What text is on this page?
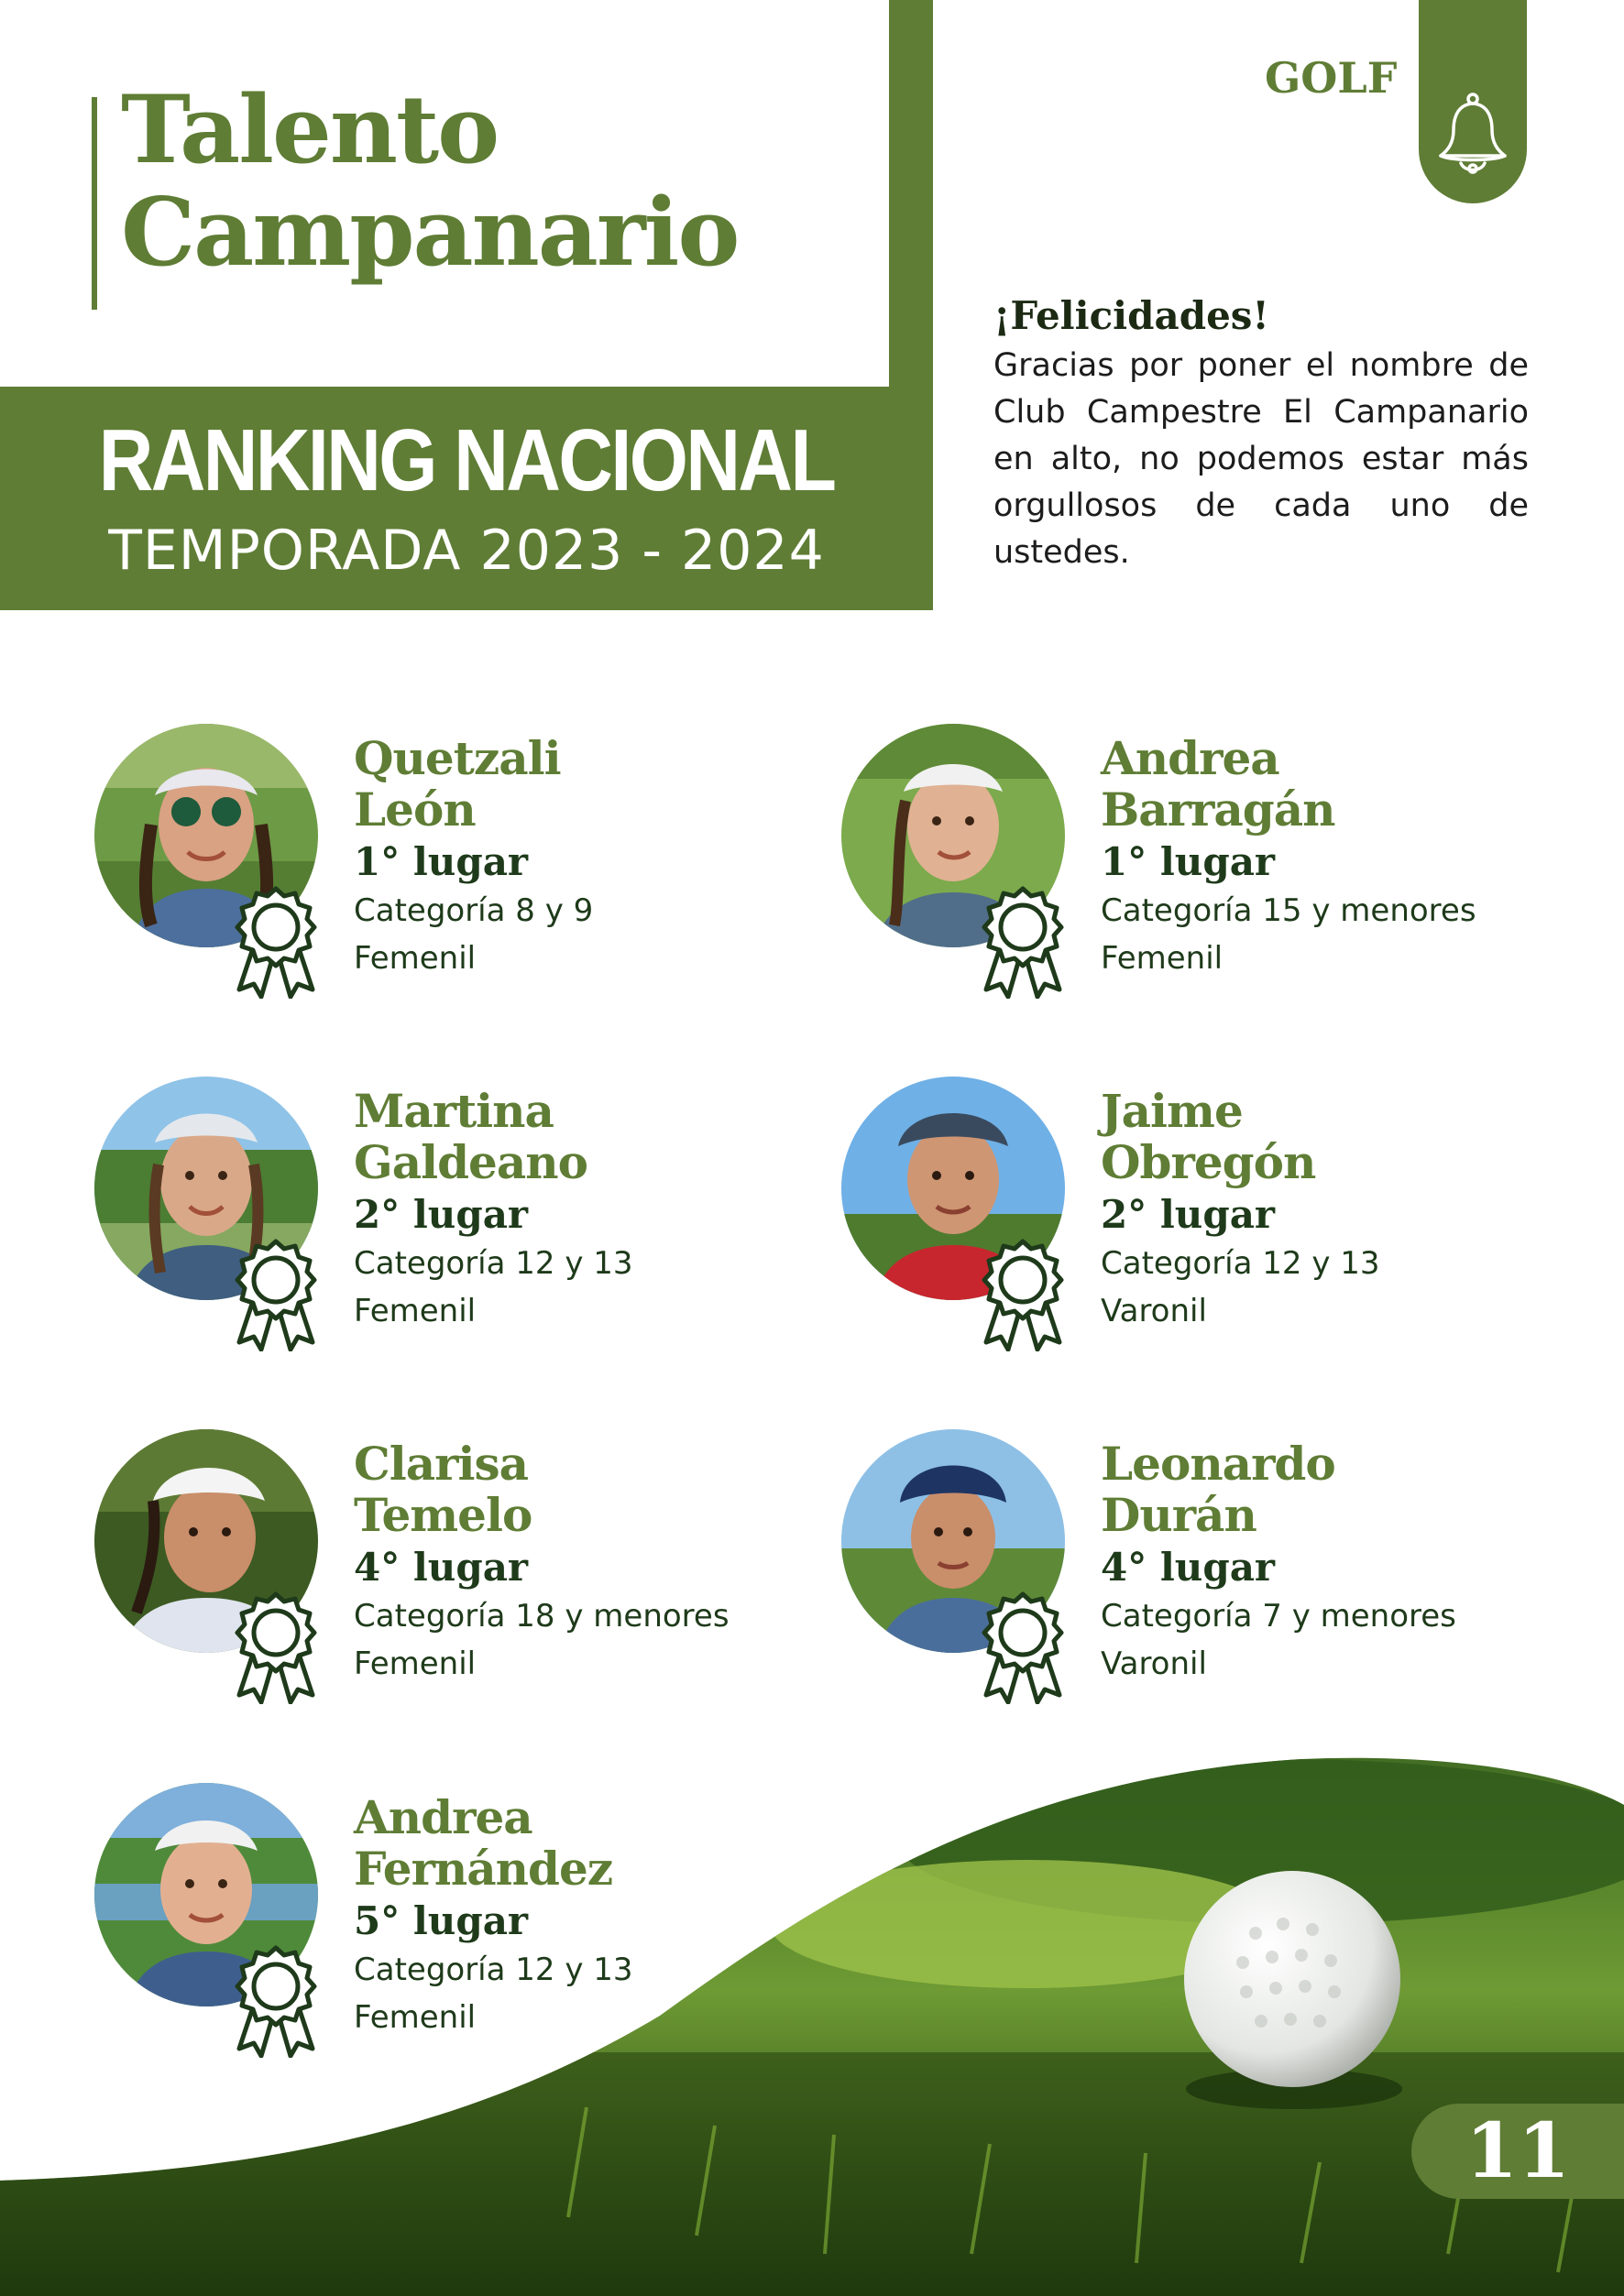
Talento
Campanario
RANKING NACIONAL
TEMPORADA 2023 - 2024
GOLF
¡Felicidades!
Gracias por poner el nombre de Club Campestre El Campanario en alto, no podemos estar más orgullosos de cada uno de ustedes.
Quetzali
León
1° lugar
Categoría 8 y 9
Femenil
Andrea
Barragán
1° lugar
Categoría 15 y menores
Femenil
Martina
Galdeano
2° lugar
Categoría 12 y 13
Femenil
Jaime
Obregón
2° lugar
Categoría 12 y 13
Varonil
Clarisa
Temelo
4° lugar
Categoría 18 y menores
Femenil
Leonardo
Durán
4° lugar
Categoría 7 y menores
Varonil
Andrea
Fernández
5° lugar
Categoría 12 y 13
Femenil
11
